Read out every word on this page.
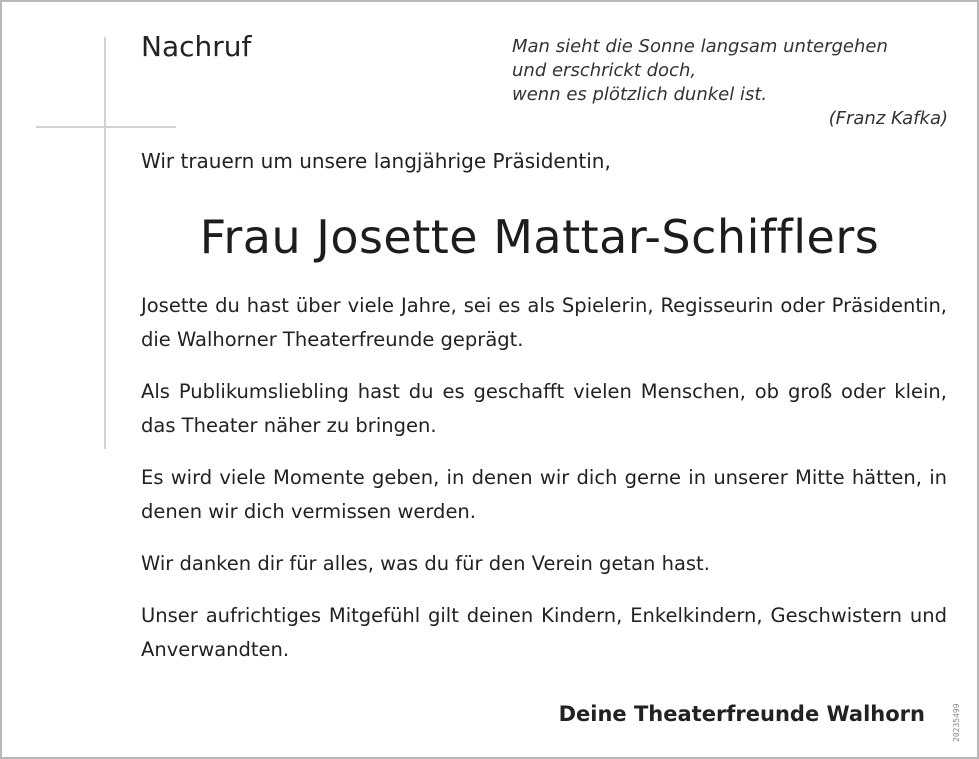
Nachruf	Man sieht die Sonne langsam untergehen
und erschrickt doch,
wenn es plötzlich dunkel ist.
(Franz Kafka)
Wir trauern um unsere langjährige Präsidentin,
Frau Josette Mattar-Schifflers

Josette du hast über viele Jahre, sei es als Spielerin, Regisseurin oder Präsidentin, die Walhorner Theaterfreunde geprägt.

Als Publikumsliebling hast du es geschafft vielen Menschen, ob groß oder klein, das Theater näher zu bringen.

Es wird viele Momente geben, in denen wir dich gerne in unserer Mitte hätten, in denen wir dich vermissen werden.

Wir danken dir für alles, was du für den Verein getan hast.

Unser aufrichtiges Mitgefühl gilt deinen Kindern, Enkelkindern, Geschwistern und Anverwandten.

Deine Theaterfreunde Walhorn	20235499
